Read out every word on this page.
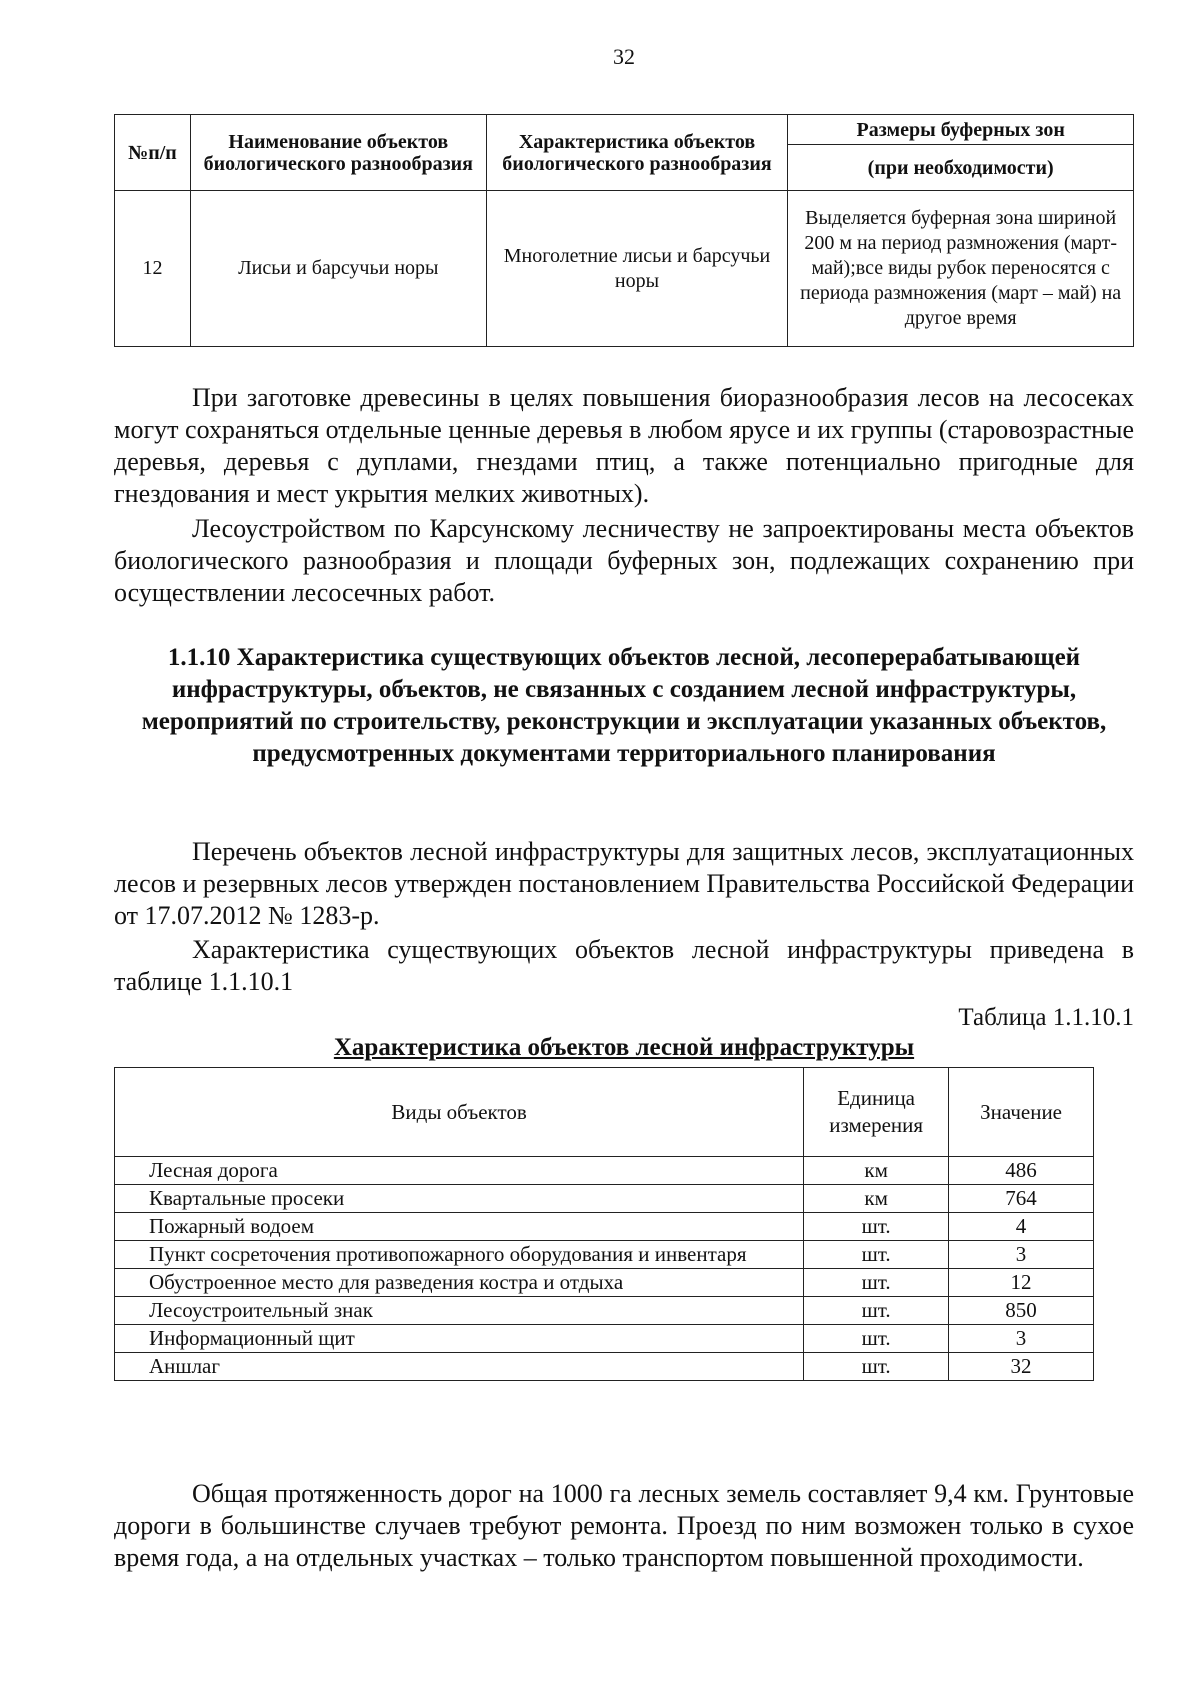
32
№п/п	Наименование объектов биологического разнообразия	Характеристика объектов биологического разнообразия	Размеры буферных зон
			(при необходимости)
12	Лисьи и барсучьи норы	Многолетние лисьи и барсучьи норы	Выделяется буферная зона шириной 200 м на период размножения (март-май);все виды рубок переносятся с периода размножения (март – май) на другое время

При заготовке древесины в целях повышения биоразнообразия лесов на лесосеках могут сохраняться отдельные ценные деревья в любом ярусе и их группы (старовозрастные деревья, деревья с дуплами, гнездами птиц, а также потенциально пригодные для гнездования и мест укрытия мелких животных).

Лесоустройством по Карсунскому лесничеству не запроектированы места объектов биологического разнообразия и площади буферных зон, подлежащих сохранению при осуществлении лесосечных работ.

1.1.10 Характеристика существующих объектов лесной, лесоперерабатывающей инфраструктуры, объектов, не связанных с созданием лесной инфраструктуры, мероприятий по строительству, реконструкции и эксплуатации указанных объектов, предусмотренных документами территориального планирования

Перечень объектов лесной инфраструктуры для защитных лесов, эксплуатационных лесов и резервных лесов утвержден постановлением Правительства Российской Федерации от 17.07.2012 № 1283-р.

Характеристика существующих объектов лесной инфраструктуры приведена в таблице 1.1.10.1

Таблица 1.1.10.1
Характеристика объектов лесной инфраструктуры
Виды объектов	Единица измерения	Значение
Лесная дорога	км	486
Квартальные просеки	км	764
Пожарный водоем	шт.	4
Пункт сосреточения противопожарного оборудования и инвентаря	шт.	3
Обустроенное место для разведения костра и отдыха	шт.	12
Лесоустроительный знак	шт.	850
Информационный щит	шт.	3
Аншлаг	шт.	32

Общая протяженность дорог на 1000 га лесных земель составляет 9,4 км. Грунтовые дороги в большинстве случаев требуют ремонта. Проезд по ним возможен только в сухое время года, а на отдельных участках – только транспортом повышенной проходимости.
